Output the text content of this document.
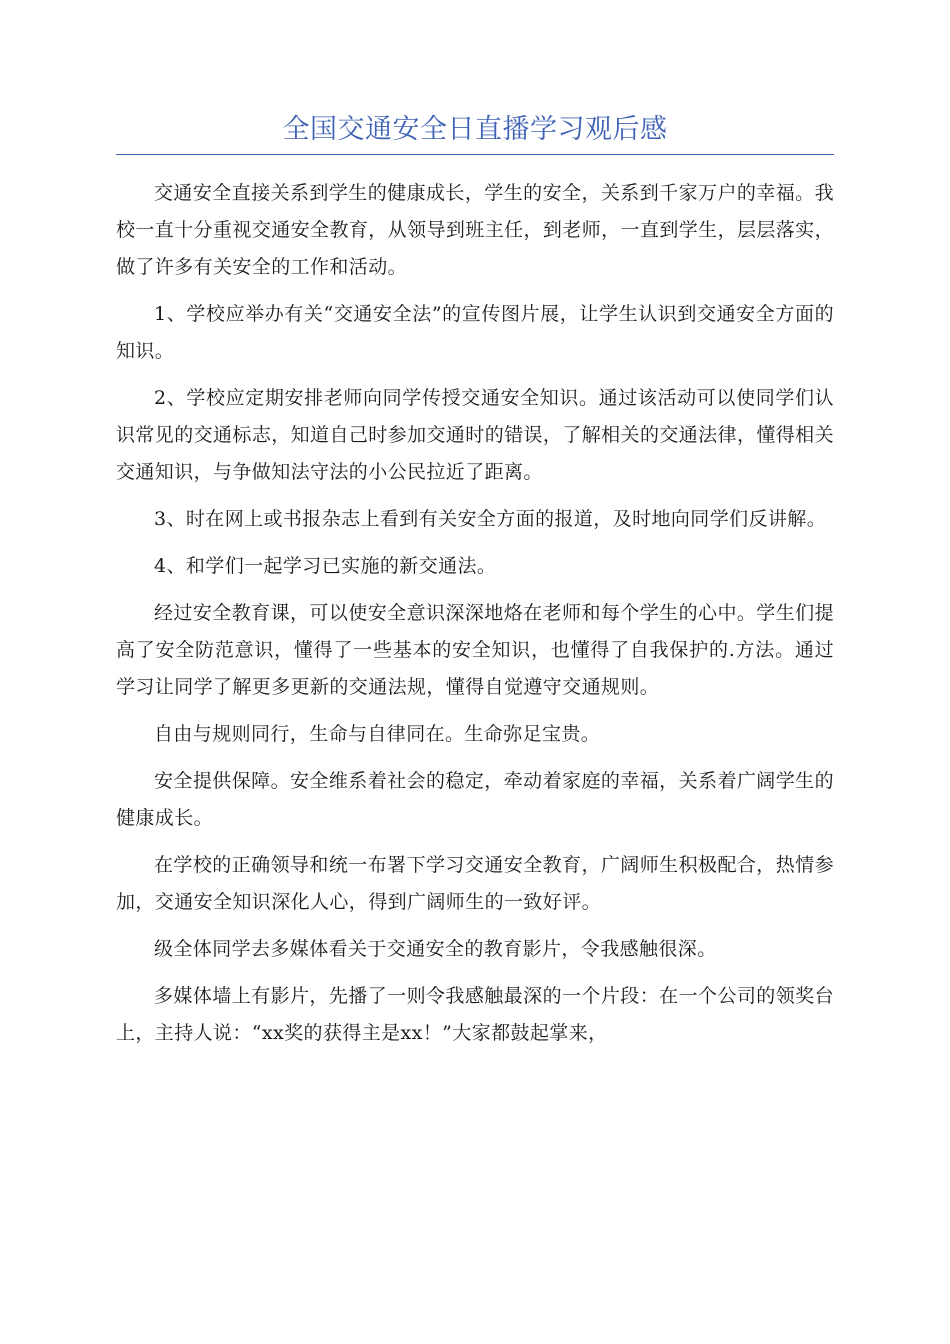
全国交通安全日直播学习观后感

交通安全直接关系到学生的健康成长，学生的安全，关系到千家万户的幸福。我校一直十分重视交通安全教育，从领导到班主任，到老师，一直到学生，层层落实，做了许多有关安全的工作和活动。

1、学校应举办有关“交通安全法”的宣传图片展，让学生认识到交通安全方面的知识。

2、学校应定期安排老师向同学传授交通安全知识。通过该活动可以使同学们认识常见的交通标志，知道自己时参加交通时的错误，了解相关的交通法律，懂得相关交通知识，与争做知法守法的小公民拉近了距离。

3、时在网上或书报杂志上看到有关安全方面的报道，及时地向同学们反讲解。

4、和学们一起学习已实施的新交通法。

经过安全教育课，可以使安全意识深深地烙在老师和每个学生的心中。学生们提高了安全防范意识，懂得了一些基本的安全知识，也懂得了自我保护的.方法。通过学习让同学了解更多更新的交通法规，懂得自觉遵守交通规则。

自由与规则同行，生命与自律同在。生命弥足宝贵。

安全提供保障。安全维系着社会的稳定，牵动着家庭的幸福，关系着广阔学生的健康成长。

在学校的正确领导和统一布署下学习交通安全教育，广阔师生积极配合，热情参加，交通安全知识深化人心，得到广阔师生的一致好评。

级全体同学去多媒体看关于交通安全的教育影片，令我感触很深。

多媒体墙上有影片，先播了一则令我感触最深的一个片段：在一个公司的领奖台上，主持人说：“xx奖的获得主是xx！”大家都鼓起掌来，
